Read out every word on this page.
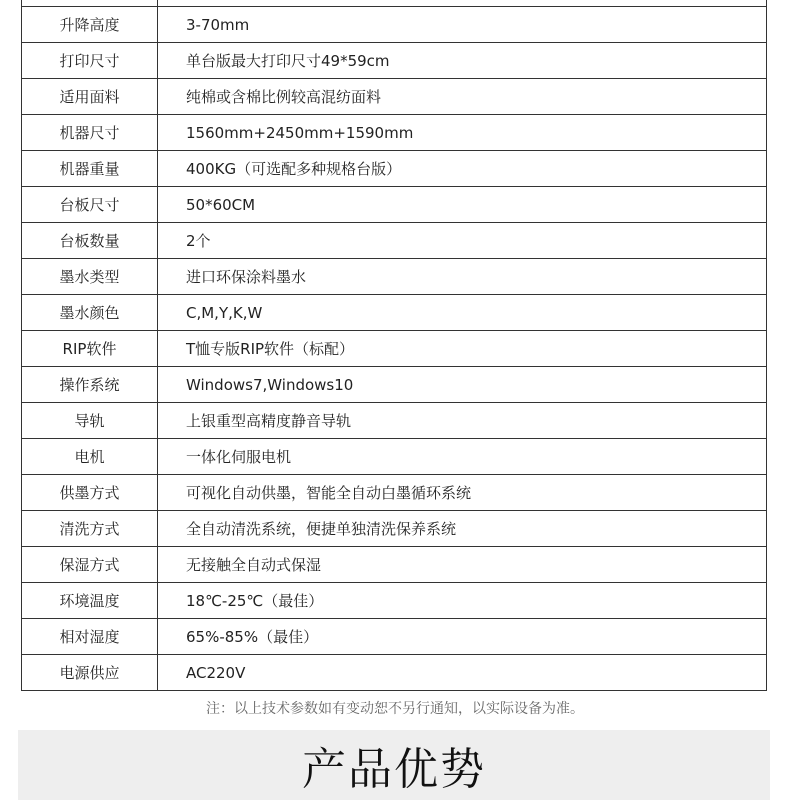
升降高度	3-70mm
打印尺寸	单台版最大打印尺寸49*59cm
适用面料	纯棉或含棉比例较高混纺面料
机器尺寸	1560mm+2450mm+1590mm
机器重量	400KG（可选配多种规格台版）
台板尺寸	50*60CM
台板数量	2个
墨水类型	进口环保涂料墨水
墨水颜色	C,M,Y,K,W
RIP软件	T恤专版RIP软件（标配）
操作系统	Windows7,Windows10
导轨	上银重型高精度静音导轨
电机	一体化伺服电机
供墨方式	可视化自动供墨，智能全自动白墨循环系统
清洗方式	全自动清洗系统，便捷单独清洗保养系统
保湿方式	无接触全自动式保湿
环境温度	18℃-25℃（最佳）
相对湿度	65%-85%（最佳）
电源供应	AC220V
注：以上技术参数如有变动恕不另行通知，以实际设备为准。
产品优势
